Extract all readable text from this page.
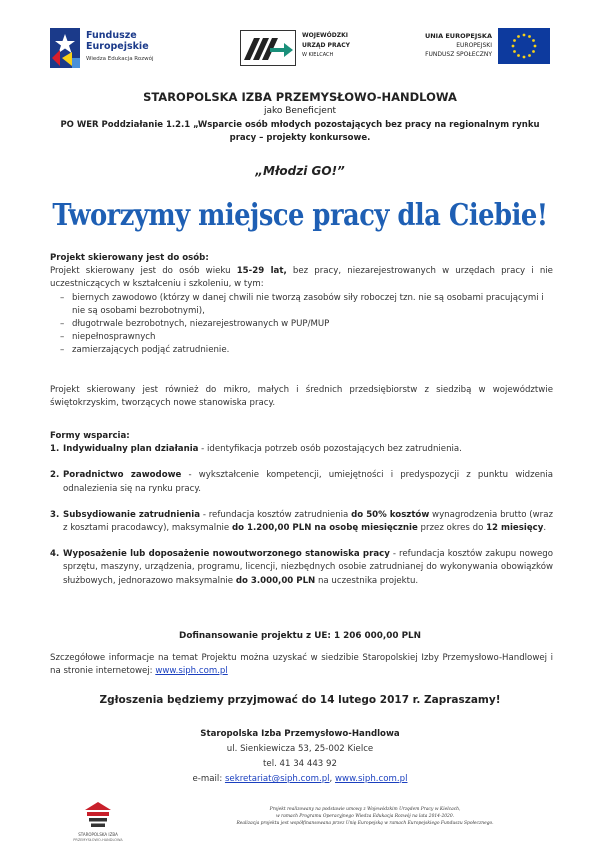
Fundusze
Europejskie
Wiedza Edukacja Rozwój
WOJEWÓDZKI
URZĄD PRACY
W KIELCACH
UNIA EUROPEJSKA
EUROPEJSKI
FUNDUSZ SPOŁECZNY
STAROPOLSKA IZBA PRZEMYSŁOWO-HANDLOWA
jako Beneficjent
PO WER Poddziałanie 1.2.1 „Wsparcie osób młodych pozostających bez pracy na regionalnym rynku
pracy – projekty konkursowe.
„Młodzi GO!”
Tworzymy miejsce pracy dla Ciebie!
Projekt skierowany jest do osób:
Projekt skierowany jest do osób wieku 15-29 lat, bez pracy, niezarejestrowanych w urzędach pracy i nie uczestniczących w kształceniu i szkoleniu, w tym:
– biernych zawodowo (którzy w danej chwili nie tworzą zasobów siły roboczej tzn. nie są osobami pracującymi i nie są osobami bezrobotnymi),
– długotrwale bezrobotnych, niezarejestrowanych w PUP/MUP
– niepełnosprawnych
– zamierzających podjąć zatrudnienie.
Projekt skierowany jest również do mikro, małych i średnich przedsiębiorstw z siedzibą w województwie świętokrzyskim, tworzących nowe stanowiska pracy.
Formy wsparcia:
1. Indywidualny plan działania - identyfikacja potrzeb osób pozostających bez zatrudnienia.
2. Poradnictwo zawodowe - wykształcenie kompetencji, umiejętności i predyspozycji z punktu widzenia odnalezienia się na rynku pracy.
3. Subsydiowanie zatrudnienia - refundacja kosztów zatrudnienia do 50% kosztów wynagrodzenia brutto (wraz z kosztami pracodawcy), maksymalnie do 1.200,00 PLN na osobę miesięcznie przez okres do 12 miesięcy.
4. Wyposażenie lub doposażenie nowoutworzonego stanowiska pracy - refundacja kosztów zakupu nowego sprzętu, maszyny, urządzenia, programu, licencji, niezbędnych osobie zatrudnianej do wykonywania obowiązków służbowych, jednorazowo maksymalnie do 3.000,00 PLN na uczestnika projektu.
Dofinansowanie projektu z UE: 1 206 000,00 PLN
Szczegółowe informacje na temat Projektu można uzyskać w siedzibie Staropolskiej Izby Przemysłowo-Handlowej i na stronie internetowej: www.siph.com.pl
Zgłoszenia będziemy przyjmować do 14 lutego 2017 r. Zapraszamy!
Staropolska Izba Przemysłowo-Handlowa
ul. Sienkiewicza 53, 25-002 Kielce
tel. 41 34 443 92
e-mail: sekretariat@siph.com.pl, www.siph.com.pl
STAROPOLSKA IZBA
PRZEMYSŁOWO-HANDLOWA
Projekt realizowany na podstawie umowy z Wojewódzkim Urzędem Pracy w Kielcach,
w ramach Programu Operacyjnego Wiedza Edukacja Rozwój na lata 2014-2020.
Realizacja projektu jest współfinansowana przez Unię Europejską w ramach Europejskiego Funduszu Społecznego.
